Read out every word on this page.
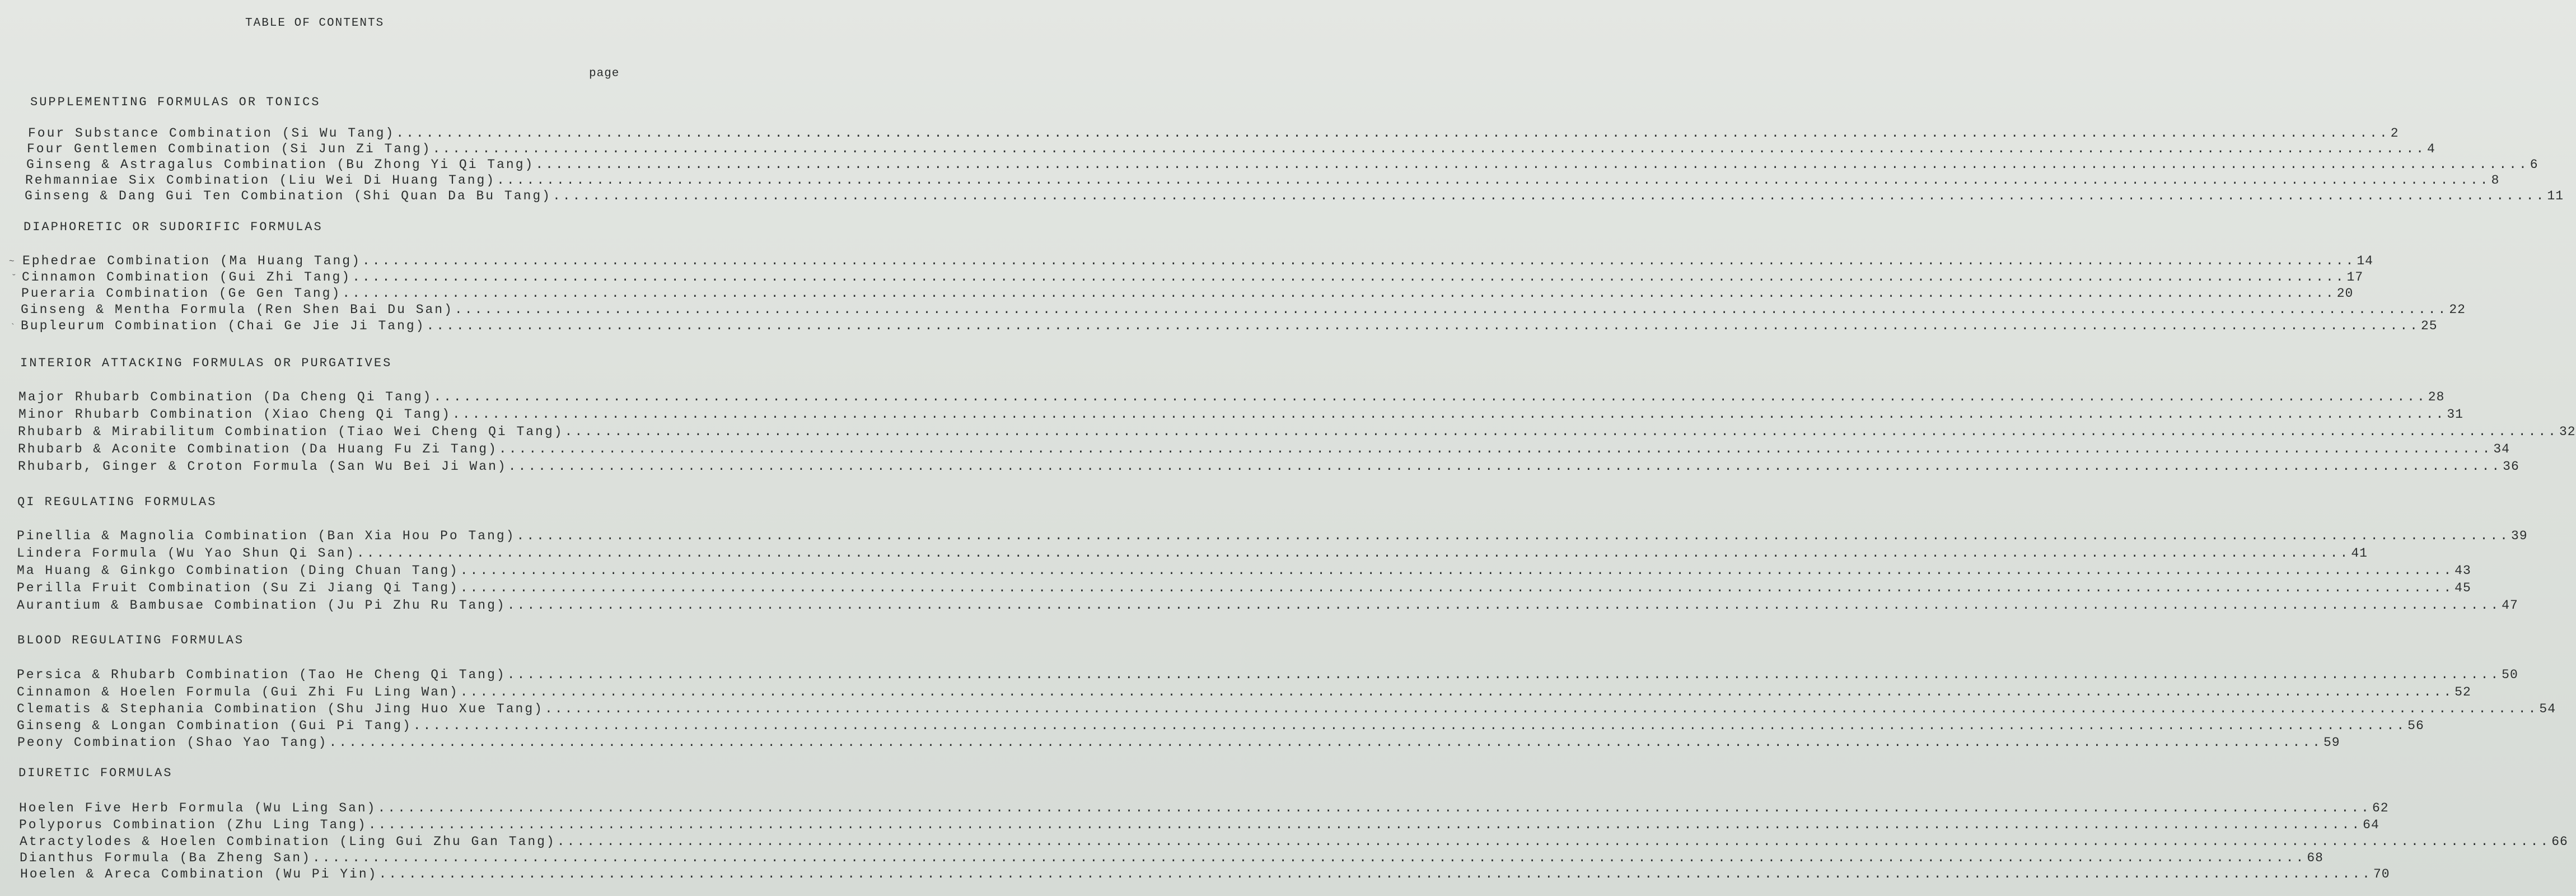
TABLE OF CONTENTS
page
SUPPLEMENTING FORMULAS OR TONICS
Four Substance Combination (Si Wu Tang) ........................................................................................................................................................................................................ 2
Four Gentlemen Combination (Si Jun Zi Tang) ........................................................................................................................................................................................................ 4
Ginseng & Astragalus Combination (Bu Zhong Yi Qi Tang) ........................................................................................................................................................................................................ 6
Rehmanniae Six Combination (Liu Wei Di Huang Tang) ........................................................................................................................................................................................................ 8
Ginseng & Dang Gui Ten Combination (Shi Quan Da Bu Tang) ........................................................................................................................................................................................................ 11
DIAPHORETIC OR SUDORIFIC FORMULAS
~
˘
`
Ephedrae Combination (Ma Huang Tang) ........................................................................................................................................................................................................ 14
Cinnamon Combination (Gui Zhi Tang) ........................................................................................................................................................................................................ 17
Pueraria Combination (Ge Gen Tang) ........................................................................................................................................................................................................ 20
Ginseng & Mentha Formula (Ren Shen Bai Du San) ........................................................................................................................................................................................................ 22
Bupleurum Combination (Chai Ge Jie Ji Tang) ........................................................................................................................................................................................................ 25
INTERIOR ATTACKING FORMULAS OR PURGATIVES
Major Rhubarb Combination (Da Cheng Qi Tang) ........................................................................................................................................................................................................ 28
Minor Rhubarb Combination (Xiao Cheng Qi Tang) ........................................................................................................................................................................................................ 31
Rhubarb & Mirabilitum Combination (Tiao Wei Cheng Qi Tang) ........................................................................................................................................................................................................ 32
Rhubarb & Aconite Combination (Da Huang Fu Zi Tang) ........................................................................................................................................................................................................ 34
Rhubarb, Ginger & Croton Formula (San Wu Bei Ji Wan) ........................................................................................................................................................................................................ 36
QI REGULATING FORMULAS
Pinellia & Magnolia Combination (Ban Xia Hou Po Tang) ........................................................................................................................................................................................................ 39
Lindera Formula (Wu Yao Shun Qi San) ........................................................................................................................................................................................................ 41
Ma Huang & Ginkgo Combination (Ding Chuan Tang) ........................................................................................................................................................................................................ 43
Perilla Fruit Combination (Su Zi Jiang Qi Tang) ........................................................................................................................................................................................................ 45
Aurantium & Bambusae Combination (Ju Pi Zhu Ru Tang) ........................................................................................................................................................................................................ 47
BLOOD REGULATING FORMULAS
Persica & Rhubarb Combination (Tao He Cheng Qi Tang) ........................................................................................................................................................................................................ 50
Cinnamon & Hoelen Formula (Gui Zhi Fu Ling Wan) ........................................................................................................................................................................................................ 52
Clematis & Stephania Combination (Shu Jing Huo Xue Tang) ........................................................................................................................................................................................................ 54
Ginseng & Longan Combination (Gui Pi Tang) ........................................................................................................................................................................................................ 56
Peony Combination (Shao Yao Tang) ........................................................................................................................................................................................................ 59
DIURETIC FORMULAS
Hoelen Five Herb Formula (Wu Ling San) ........................................................................................................................................................................................................ 62
Polyporus Combination (Zhu Ling Tang) ........................................................................................................................................................................................................ 64
Atractylodes & Hoelen Combination (Ling Gui Zhu Gan Tang) ........................................................................................................................................................................................................ 66
Dianthus Formula (Ba Zheng San) ........................................................................................................................................................................................................ 68
Hoelen & Areca Combination (Wu Pi Yin) ........................................................................................................................................................................................................ 70
